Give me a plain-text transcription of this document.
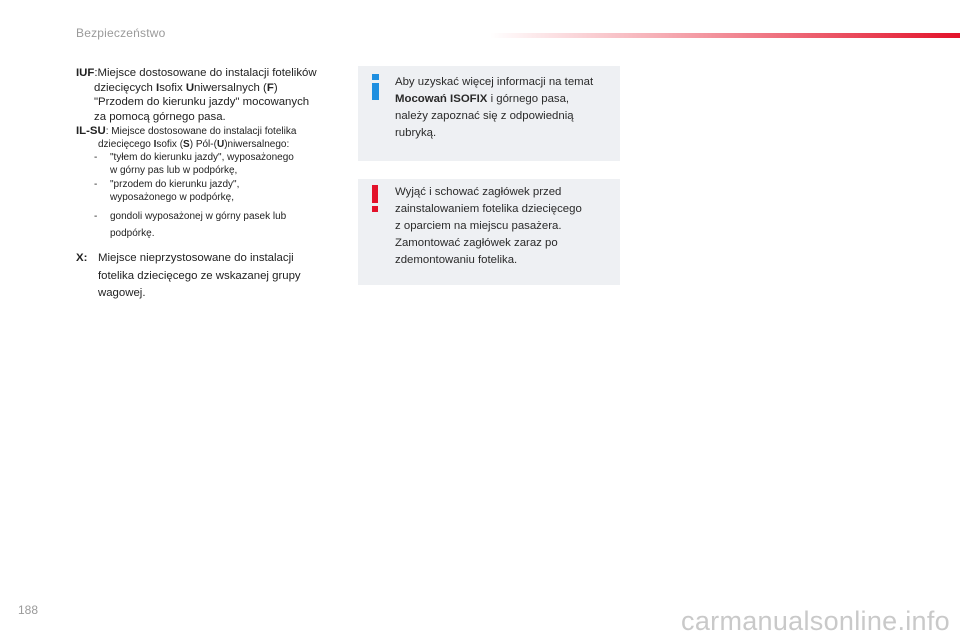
Bezpieczeństwo
IUF:Miejsce dostosowane do instalacji fotelików
dziecięcych Isofix Uniwersalnych (F)
"Przodem do kierunku jazdy" mocowanych
za pomocą górnego pasa.
IL-SU: Miejsce dostosowane do instalacji fotelika
dziecięcego Isofix (S) Pól-(U)niwersalnego:
- "tyłem do kierunku jazdy", wyposażonego
w górny pas lub w podpórkę,
- "przodem do kierunku jazdy",
wyposażonego w podpórkę,
- gondoli wyposażonej w górny pasek lub
podpórkę.
X: Miejsce nieprzystosowane do instalacji
fotelika dziecięcego ze wskazanej grupy
wagowej.
Aby uzyskać więcej informacji na temat
Mocowań ISOFIX i górnego pasa,
należy zapoznać się z odpowiednią
rubryką.
Wyjąć i schować zagłówek przed
zainstalowaniem fotelika dziecięcego
z oparciem na miejscu pasażera.
Zamontować zagłówek zaraz po
zdemontowaniu fotelika.
188	carmanualsonline.info
